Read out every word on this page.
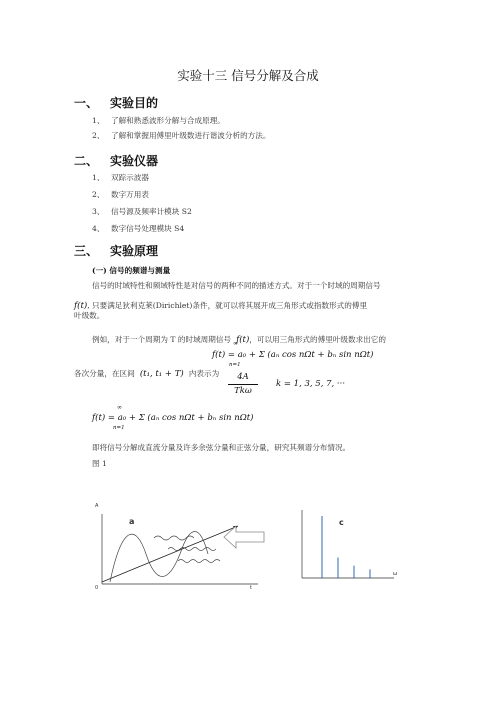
实验十三 信号分解及合成
一、 实验目的
1、 了解和熟悉波形分解与合成原理。
2、 了解和掌握用傅里叶级数进行谐波分析的方法。
二、 实验仪器
1、 双踪示波器
2、 数字万用表
3、 信号源及频率计模块 S2
4、 数字信号处理模块 S4
三、 实验原理
(一) 信号的频谱与测量
信号的时域特性和频域特性是对信号的两种不同的描述方式。对于一个时域的周期信号
f(t), 只要满足狄利克莱(Dirichlet)条件，就可以将其展开成三角形式或指数形式的傅里
叶级数。
例如，对于一个周期为 T 的时域周期信号 f(t)，可以用三角形式的傅里叶级数求出它的
∞
f(t) = a₀ + Σ (aₙ cos nΩt + bₙ sin nΩt)
n=1
各次分量，在区间 (t₁, t₁ + T) 内表示为	4A
Tkω
k = 1, 3, 5, 7, ···
∞
f(t) = a₀ + Σ (aₙ cos nΩt + bₙ sin nΩt)
n=1
即将信号分解成直流分量及许多余弦分量和正弦分量，研究其频谱分布情况。
图 1
A
a
0	t
c
ω
